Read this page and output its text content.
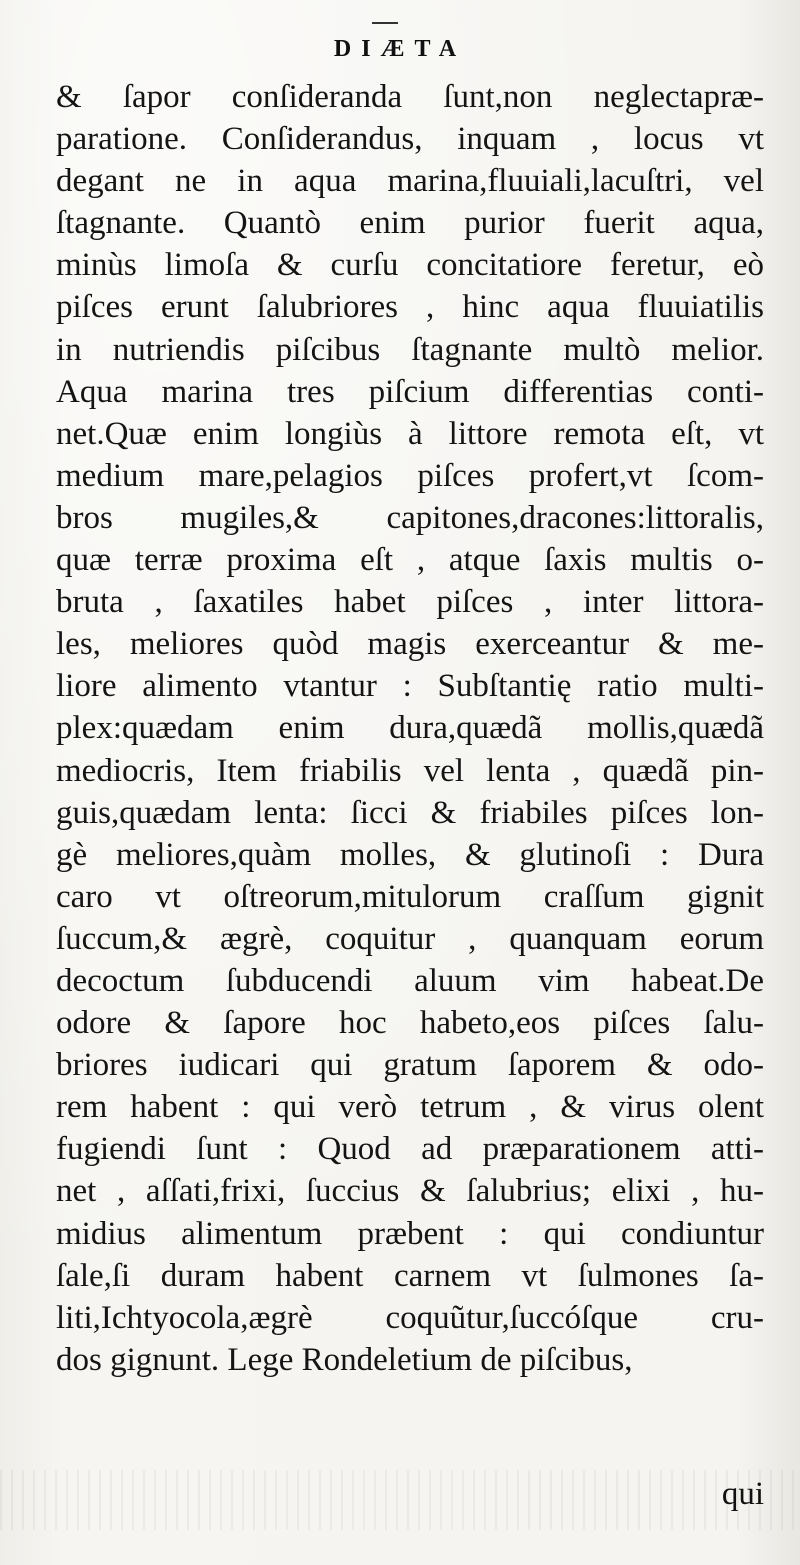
DIÆTA
& ſapor conſideranda ſunt,non neglectapræ-
paratione. Conſiderandus, inquam , locus vt
degant ne in aqua marina,fluuiali,lacuſtri, vel
ſtagnante. Quantò enim purior fuerit aqua,
minùs limoſa & curſu concitatiore feretur, eò
piſces erunt ſalubriores , hinc aqua fluuiatilis
in nutriendis piſcibus ſtagnante multò melior.
Aqua marina tres piſcium differentias conti-
net.Quæ enim longiùs à littore remota eſt, vt
medium mare,pelagios piſces profert,vt ſcom-
bros mugiles,& capitones,dracones:littoralis,
quæ terræ proxima eſt , atque ſaxis multis o-
bruta , ſaxatiles habet piſces , inter littora-
les, meliores quòd magis exerceantur & me-
liore alimento vtantur : Subſtantię ratio multi-
plex:quædam enim dura,quædã mollis,quædã
mediocris, Item friabilis vel lenta , quædã pin-
guis,quædam lenta: ſicci & friabiles piſces lon-
gè meliores,quàm molles, & glutinoſi : Dura
caro vt oſtreorum,mitulorum craſſum gignit
ſuccum,& ægrè, coquitur , quanquam eorum
decoctum ſubducendi aluum vim habeat.De
odore & ſapore hoc habeto,eos piſces ſalu-
briores iudicari qui gratum ſaporem & odo-
rem habent : qui verò tetrum , & virus olent
fugiendi ſunt : Quod ad præparationem atti-
net , aſſati,frixi, ſuccius & ſalubrius; elixi , hu-
midius alimentum præbent : qui condiuntur
ſale,ſi duram habent carnem vt ſulmones ſa-
liti,Ichtyocola,ægrè coquũtur,ſuccóſque cru-
dos gignunt. Lege Rondeletium de piſcibus,
qui
